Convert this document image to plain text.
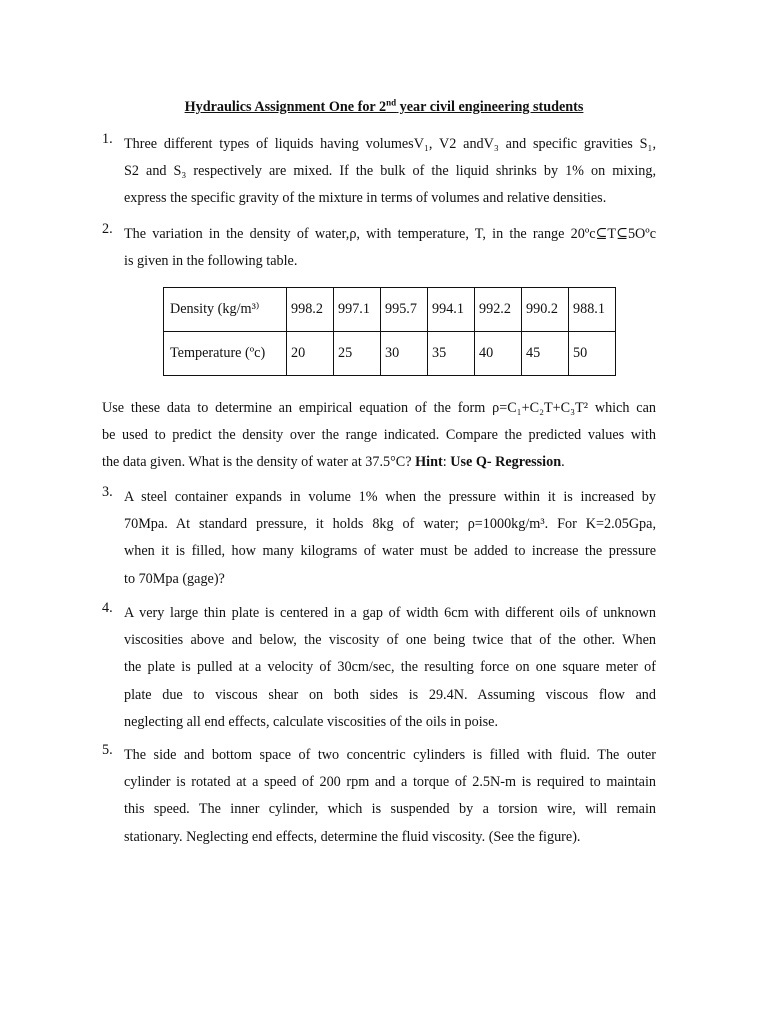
Hydraulics Assignment One for 2nd year civil engineering students
1. Three different types of liquids having volumesV₁, V2 andV₃ and specific gravities S₁,
S2 and S₃ respectively are mixed. If the bulk of the liquid shrinks by 1% on mixing,
express the specific gravity of the mixture in terms of volumes and relative densities.
2. The variation in the density of water,ρ, with temperature, T, in the range 20ºc⊆T⊆5Oºc
is given in the following table.
Density (kg/m³⁾	998.2	997.1	995.7	994.1	992.2	990.2	988.1
Temperature (ºc)	20	25	30	35	40	45	50
Use these data to determine an empirical equation of the form ρ=C₁+C₂T+C₃T² which can
be used to predict the density over the range indicated. Compare the predicted values with
the data given. What is the density of water at 37.5°C? Hint: Use Q- Regression.
3. A steel container expands in volume 1% when the pressure within it is increased by
70Mpa. At standard pressure, it holds 8kg of water; ρ=1000kg/m³. For K=2.05Gpa,
when it is filled, how many kilograms of water must be added to increase the pressure
to 70Mpa (gage)?
4. A very large thin plate is centered in a gap of width 6cm with different oils of unknown
viscosities above and below, the viscosity of one being twice that of the other. When
the plate is pulled at a velocity of 30cm/sec, the resulting force on one square meter of
plate due to viscous shear on both sides is 29.4N. Assuming viscous flow and
neglecting all end effects, calculate viscosities of the oils in poise.
5. The side and bottom space of two concentric cylinders is filled with fluid. The outer
cylinder is rotated at a speed of 200 rpm and a torque of 2.5N-m is required to maintain
this speed. The inner cylinder, which is suspended by a torsion wire, will remain
stationary. Neglecting end effects, determine the fluid viscosity. (See the figure).
